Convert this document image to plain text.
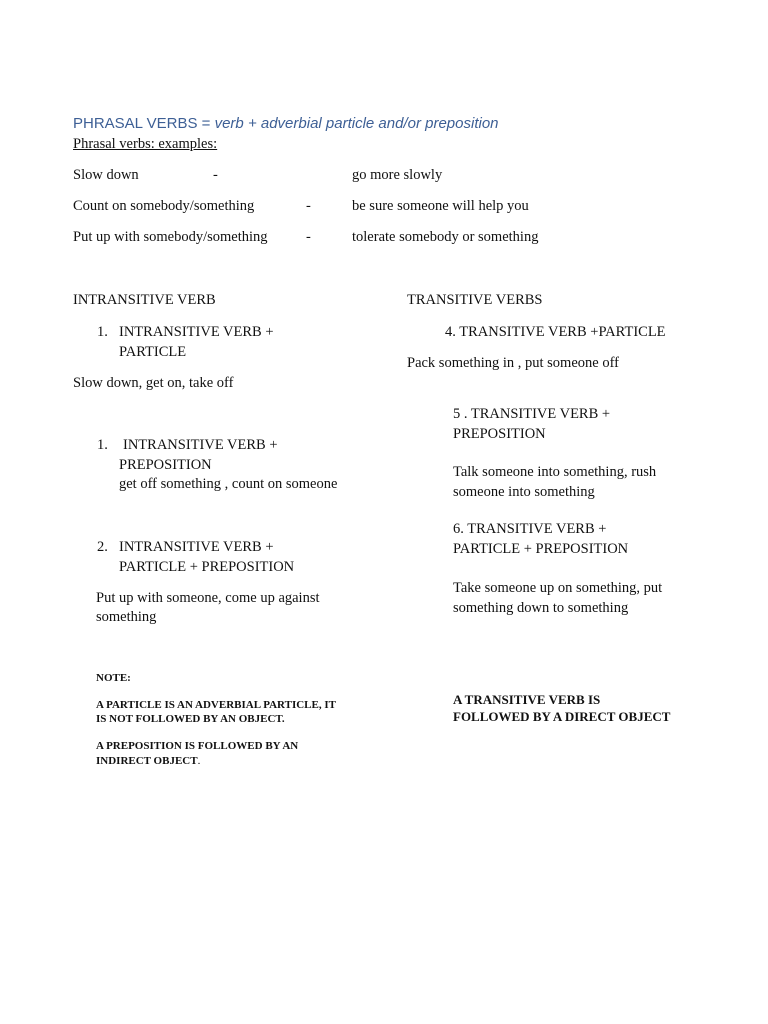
PHRASAL VERBS = verb + adverbial particle and/or preposition
Phrasal verbs: examples:
Slow down	-	go more slowly
Count on somebody/something	-	be sure someone will help you
Put up with somebody/something	-	tolerate somebody or something
INTRANSITIVE VERB
1. INTRANSITIVE VERB +
PARTICLE
Slow down, get on, take off
1. INTRANSITIVE VERB +
PREPOSITION
get off something , count on someone
2. INTRANSITIVE VERB +
PARTICLE + PREPOSITION
Put up with someone, come up against
something
NOTE:
A PARTICLE IS AN ADVERBIAL PARTICLE, IT
IS NOT FOLLOWED BY AN OBJECT.
A PREPOSITION IS FOLLOWED BY AN
INDIRECT OBJECT.
TRANSITIVE VERBS
4. TRANSITIVE VERB +PARTICLE
Pack something in , put someone off
5 . TRANSITIVE VERB +
PREPOSITION
Talk someone into something, rush
someone into something
6. TRANSITIVE VERB +
PARTICLE + PREPOSITION
Take someone up on something, put
something down to something
A TRANSITIVE VERB IS
FOLLOWED BY A DIRECT OBJECT
